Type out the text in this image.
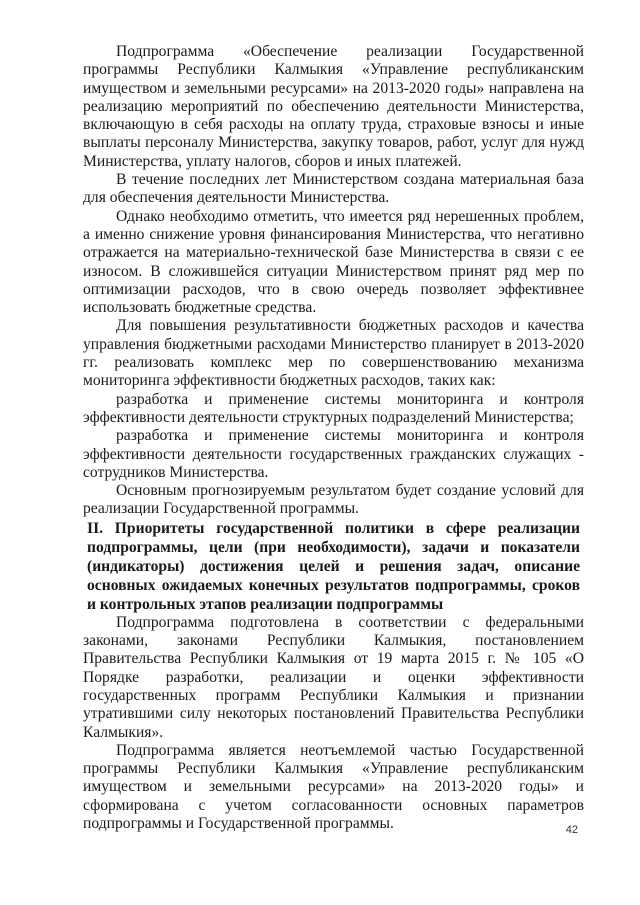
Подпрограмма «Обеспечение реализации Государственной программы Республики Калмыкия «Управление республиканским имуществом и земельными ресурсами» на 2013-2020 годы» направлена на реализацию мероприятий по обеспечению деятельности Министерства, включающую в себя расходы на оплату труда, страховые взносы и иные выплаты персоналу Министерства, закупку товаров, работ, услуг для нужд Министерства, уплату налогов, сборов и иных платежей.

В течение последних лет Министерством создана материальная база для обеспечения деятельности Министерства.

Однако необходимо отметить, что имеется ряд нерешенных проблем, а именно снижение уровня финансирования Министерства, что негативно отражается на материально-технической базе Министерства в связи с ее износом. В сложившейся ситуации Министерством принят ряд мер по оптимизации расходов, что в свою очередь позволяет эффективнее использовать бюджетные средства.

Для повышения результативности бюджетных расходов и качества управления бюджетными расходами Министерство планирует в 2013-2020 гг. реализовать комплекс мер по совершенствованию механизма мониторинга эффективности бюджетных расходов, таких как:

разработка и применение системы мониторинга и контроля эффективности деятельности структурных подразделений Министерства;

разработка и применение системы мониторинга и контроля эффективности деятельности государственных гражданских служащих - сотрудников Министерства.

Основным прогнозируемым результатом будет создание условий для реализации Государственной программы.

II. Приоритеты государственной политики в сфере реализации подпрограммы, цели (при необходимости), задачи и показатели (индикаторы) достижения целей и решения задач, описание основных ожидаемых конечных результатов подпрограммы, сроков и контрольных этапов реализации подпрограммы

Подпрограмма подготовлена в соответствии с федеральными законами, законами Республики Калмыкия, постановлением Правительства Республики Калмыкия от 19 марта 2015 г. № 105 «О Порядке разработки, реализации и оценки эффективности государственных программ Республики Калмыкия и признании утратившими силу некоторых постановлений Правительства Республики Калмыкия».

Подпрограмма является неотъемлемой частью Государственной программы Республики Калмыкия «Управление республиканским имуществом и земельными ресурсами» на 2013-2020 годы» и сформирована с учетом согласованности основных параметров подпрограммы и Государственной программы.	42
